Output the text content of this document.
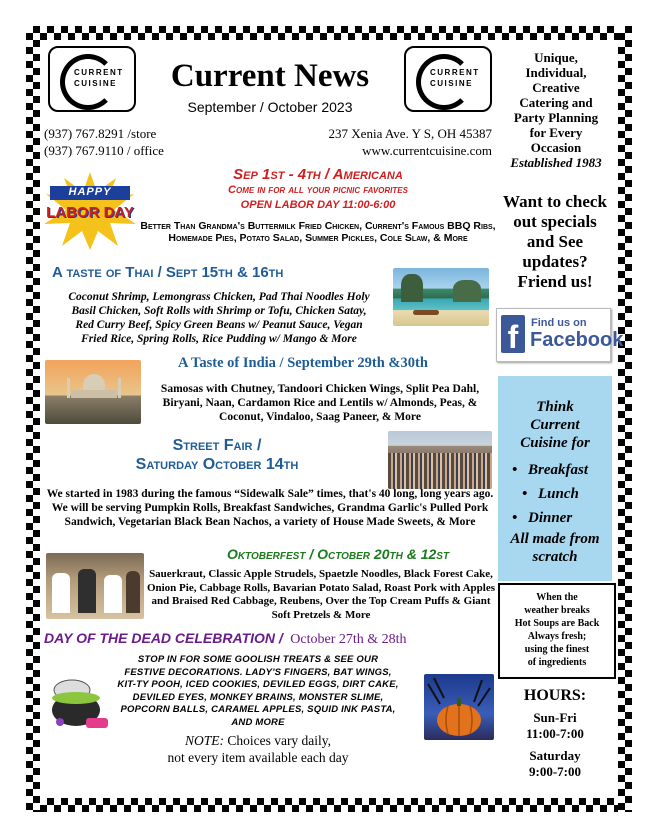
CURRENT
CUISINE
CURRENT
CUISINE
Current News
September / October 2023
(937) 767.8291 /store
(937) 767.9110 / office
237 Xenia Ave. Y S, OH 45387
www.currentcuisine.com
Unique,
Individual,
Creative
Catering and
Party Planning
for Every
Occasion
Established 1983
HAPPY
LABOR DAY
Sep 1st - 4th / Americana
Come in for all your picnic favorites
OPEN LABOR DAY 11:00-6:00
Better Than Grandma's Buttermilk Fried Chicken, Current's Famous BBQ Ribs, Homemade Pies, Potato Salad, Summer Pickles, Cole Slaw, & More
A taste of Thai / Sept 15th & 16th
Coconut Shrimp, Lemongrass Chicken, Pad Thai Noodles Holy Basil Chicken, Soft Rolls with Shrimp or Tofu, Chicken Satay, Red Curry Beef, Spicy Green Beans w/ Peanut Sauce, Vegan Fried Rice, Spring Rolls, Rice Pudding w/ Mango & More
A Taste of India / September 29th &30th
Samosas with Chutney, Tandoori Chicken Wings, Split Pea Dahl, Biryani, Naan, Cardamon Rice and Lentils w/ Almonds, Peas, & Coconut, Vindaloo, Saag Paneer, & More
Street Fair /
Saturday October 14th
We started in 1983 during the famous “Sidewalk Sale” times, that's 40 long, long years ago. We will be serving Pumpkin Rolls, Breakfast Sandwiches, Grandma Garlic's Pulled Pork Sandwich, Vegetarian Black Bean Nachos, a variety of House Made Sweets, & More
Oktoberfest / October 20th & 12st
Sauerkraut, Classic Apple Strudels, Spaetzle Noodles, Black Forest Cake, Onion Pie, Cabbage Rolls, Bavarian Potato Salad, Roast Pork with Apples and Braised Red Cabbage, Reubens, Over the Top Cream Puffs & Giant Soft Pretzels & More
DAY OF THE DEAD CELEBRATION / October 27th & 28th
STOP IN FOR SOME GOOLISH TREATS & SEE OUR FESTIVE DECORATIONS. LADY'S FINGERS, BAT WINGS, KIT-TY POOH, ICED COOKIES, DEVILED EGGS, DIRT CAKE, DEVILED EYES, MONKEY BRAINS, MONSTER SLIME, POPCORN BALLS, CARAMEL APPLES, SQUID INK PASTA, AND MORE
NOTE: Choices vary daily,
not every item available each day
Want to check out specials and See updates? Friend us!
f	Find us on
Facebook
Think
Current
Cuisine for
• Breakfast
• Lunch
• Dinner
All made from scratch
When the
weather breaks
Hot Soups are Back
Always fresh;
using the finest
of ingredients
HOURS:
Sun-Fri
11:00-7:00
Saturday
9:00-7:00
